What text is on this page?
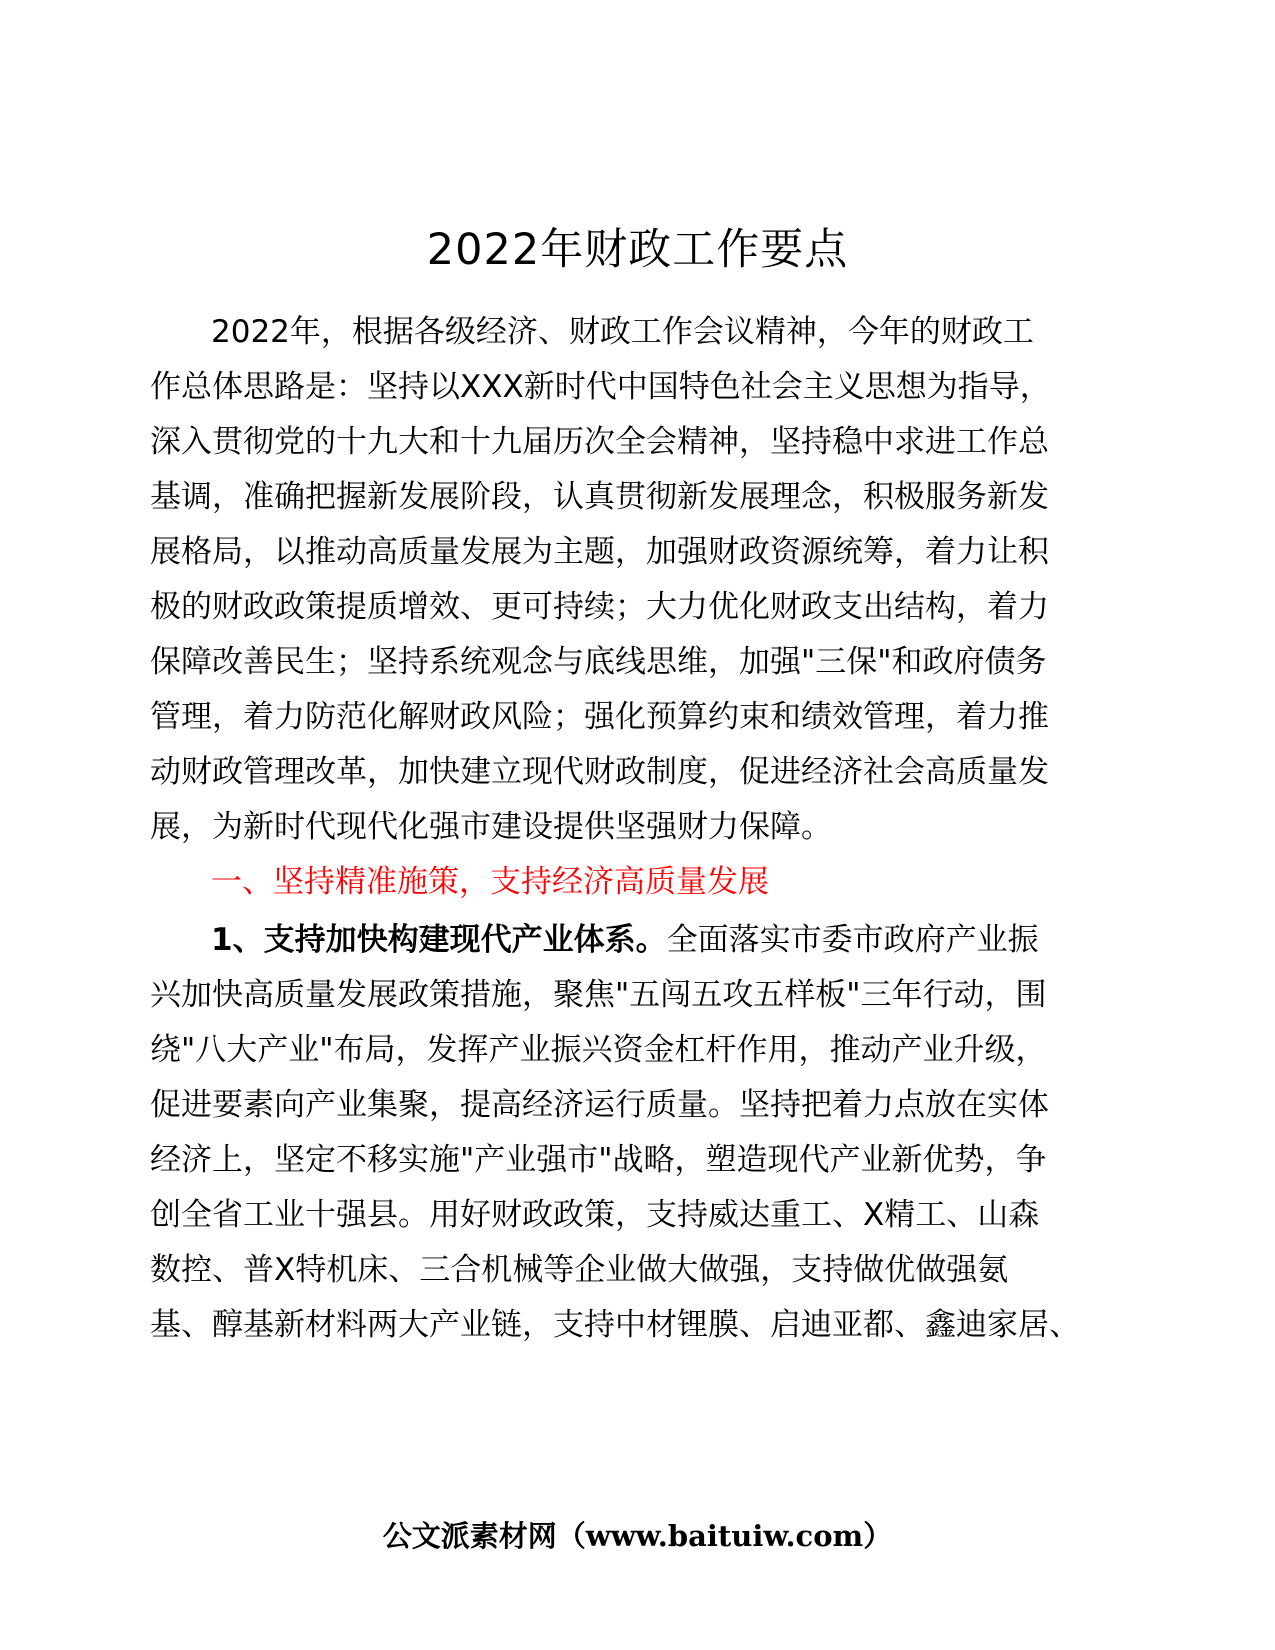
2022年财政工作要点
2022年，根据各级经济、财政工作会议精神，今年的财政工
作总体思路是：坚持以XXX新时代中国特色社会主义思想为指导，
深入贯彻党的十九大和十九届历次全会精神，坚持稳中求进工作总
基调，准确把握新发展阶段，认真贯彻新发展理念，积极服务新发
展格局，以推动高质量发展为主题，加强财政资源统筹，着力让积
极的财政政策提质增效、更可持续；大力优化财政支出结构，着力
保障改善民生；坚持系统观念与底线思维，加强"三保"和政府债务
管理，着力防范化解财政风险；强化预算约束和绩效管理，着力推
动财政管理改革，加快建立现代财政制度，促进经济社会高质量发
展，为新时代现代化强市建设提供坚强财力保障。
一、坚持精准施策，支持经济高质量发展
1、支持加快构建现代产业体系。全面落实市委市政府产业振
兴加快高质量发展政策措施，聚焦"五闯五攻五样板"三年行动，围
绕"八大产业"布局，发挥产业振兴资金杠杆作用，推动产业升级，
促进要素向产业集聚，提高经济运行质量。坚持把着力点放在实体
经济上，坚定不移实施"产业强市"战略，塑造现代产业新优势，争
创全省工业十强县。用好财政政策，支持威达重工、X精工、山森
数控、普X特机床、三合机械等企业做大做强，支持做优做强氨
基、醇基新材料两大产业链，支持中材锂膜、启迪亚都、鑫迪家居、
公文派素材网（www.baituiw.com）
